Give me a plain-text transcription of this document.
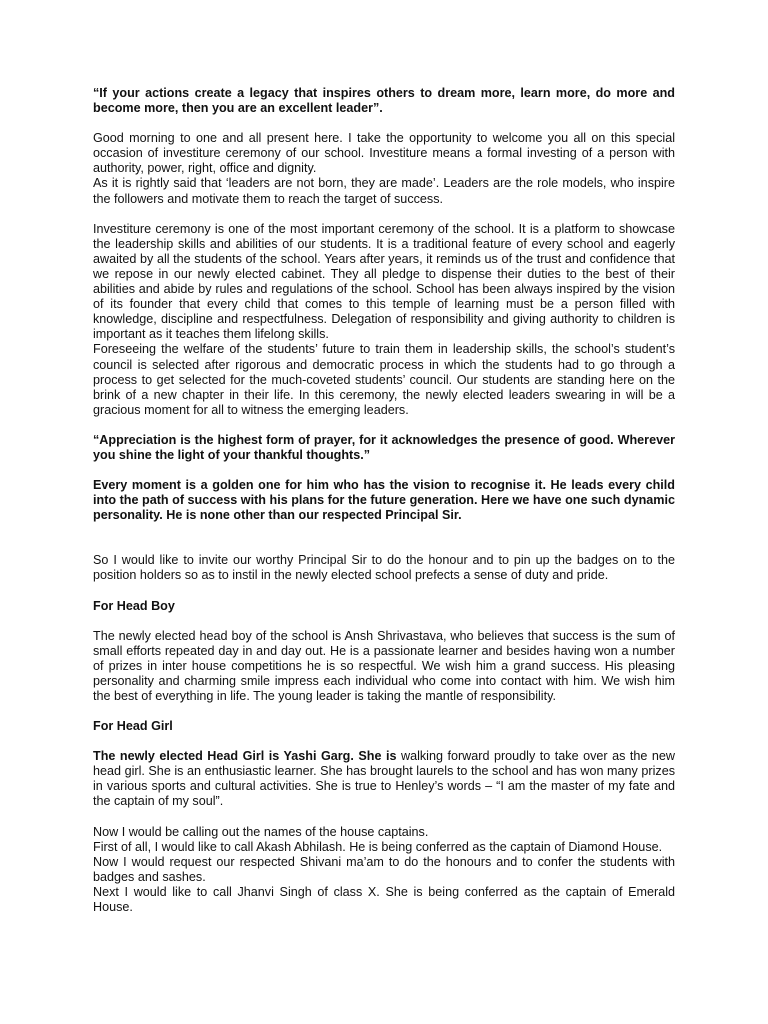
“If your actions create a legacy that inspires others to dream more, learn more, do more and become more, then you are an excellent leader”.

Good morning to one and all present here. I take the opportunity to welcome you all on this special occasion of investiture ceremony of our school. Investiture means a formal investing of a person with authority, power, right, office and dignity.

As it is rightly said that ‘leaders are not born, they are made’. Leaders are the role models, who inspire the followers and motivate them to reach the target of success.

Investiture ceremony is one of the most important ceremony of the school. It is a platform to showcase the leadership skills and abilities of our students. It is a traditional feature of every school and eagerly awaited by all the students of the school. Years after years, it reminds us of the trust and confidence that we repose in our newly elected cabinet. They all pledge to dispense their duties to the best of their abilities and abide by rules and regulations of the school. School has been always inspired by the vision of its founder that every child that comes to this temple of learning must be a person filled with knowledge, discipline and respectfulness. Delegation of responsibility and giving authority to children is important as it teaches them lifelong skills.

Foreseeing the welfare of the students’ future to train them in leadership skills, the school’s student’s council is selected after rigorous and democratic process in which the students had to go through a process to get selected for the much-coveted students’ council. Our students are standing here on the brink of a new chapter in their life. In this ceremony, the newly elected leaders swearing in will be a gracious moment for all to witness the emerging leaders.

“Appreciation is the highest form of prayer, for it acknowledges the presence of good. Wherever you shine the light of your thankful thoughts.”

Every moment is a golden one for him who has the vision to recognise it. He leads every child into the path of success with his plans for the future generation. Here we have one such dynamic personality. He is none other than our respected Principal Sir.

So I would like to invite our worthy Principal Sir to do the honour and to pin up the badges on to the position holders so as to instil in the newly elected school prefects a sense of duty and pride.

For Head Boy

The newly elected head boy of the school is Ansh Shrivastava, who believes that success is the sum of small efforts repeated day in and day out. He is a passionate learner and besides having won a number of prizes in inter house competitions he is so respectful. We wish him a grand success. His pleasing personality and charming smile impress each individual who come into contact with him. We wish him the best of everything in life. The young leader is taking the mantle of responsibility.

For Head Girl

The newly elected Head Girl is Yashi Garg. She is walking forward proudly to take over as the new head girl. She is an enthusiastic learner. She has brought laurels to the school and has won many prizes in various sports and cultural activities. She is true to Henley’s words – “I am the master of my fate and the captain of my soul”.

Now I would be calling out the names of the house captains.

First of all, I would like to call Akash Abhilash. He is being conferred as the captain of Diamond House.

Now I would request our respected Shivani ma’am to do the honours and to confer the students with badges and sashes.

Next I would like to call Jhanvi Singh of class X. She is being conferred as the captain of Emerald House.
